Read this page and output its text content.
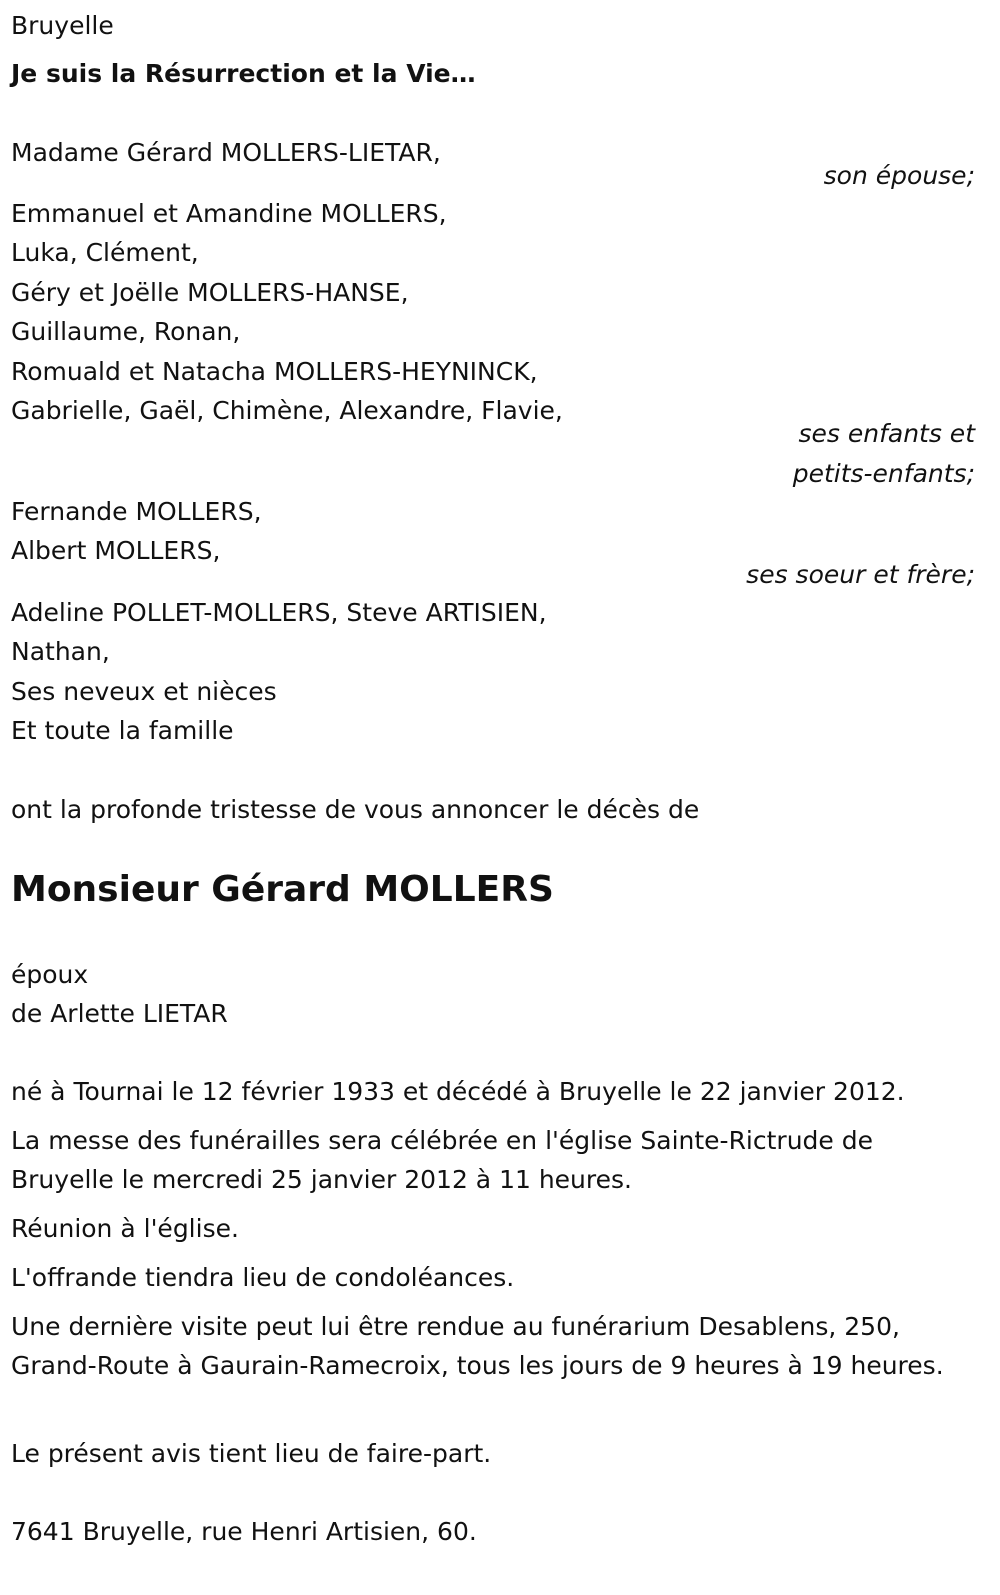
Bruyelle
Je suis la Résurrection et la Vie…
Madame Gérard MOLLERS-LIETAR,
son épouse;
Emmanuel et Amandine MOLLERS,
Luka, Clément,
Géry et Joëlle MOLLERS-HANSE,
Guillaume, Ronan,
Romuald et Natacha MOLLERS-HEYNINCK,
Gabrielle, Gaël, Chimène, Alexandre, Flavie,
ses enfants et
petits-enfants;
Fernande MOLLERS,
Albert MOLLERS,
ses soeur et frère;
Adeline POLLET-MOLLERS, Steve ARTISIEN,
Nathan,
Ses neveux et nièces
Et toute la famille
ont la profonde tristesse de vous annoncer le décès de
Monsieur Gérard MOLLERS
époux
de Arlette LIETAR
né à Tournai le 12 février 1933 et décédé à Bruyelle le 22 janvier 2012.
La messe des funérailles sera célébrée en l'église Sainte-Rictrude de Bruyelle le mercredi 25 janvier 2012 à 11 heures.
Réunion à l'église.
L'offrande tiendra lieu de condoléances.
Une dernière visite peut lui être rendue au funérarium Desablens, 250, Grand-Route à Gaurain-Ramecroix, tous les jours de 9 heures à 19 heures.
Le présent avis tient lieu de faire-part.
7641 Bruyelle, rue Henri Artisien, 60.
